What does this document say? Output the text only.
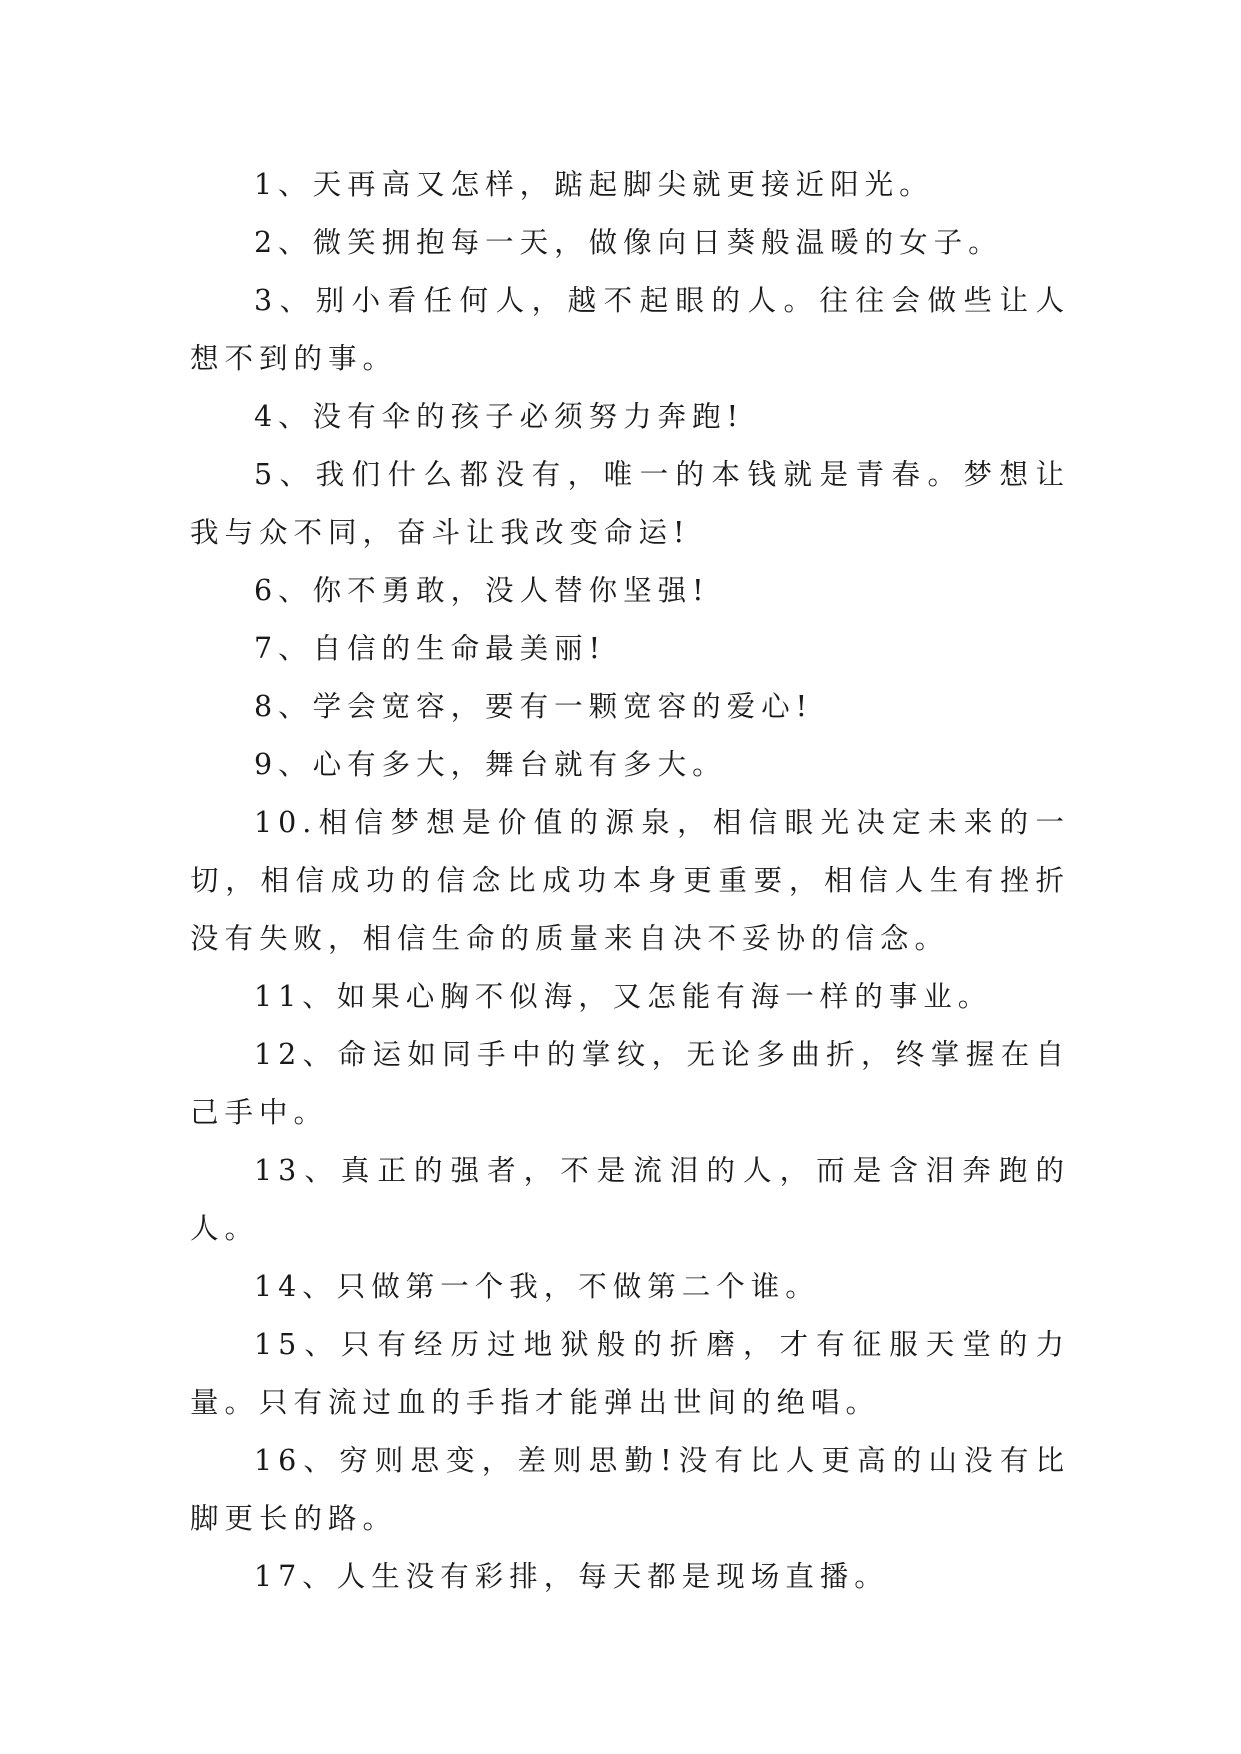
1、天再高又怎样，踮起脚尖就更接近阳光。

2、微笑拥抱每一天，做像向日葵般温暖的女子。

3、别小看任何人，越不起眼的人。往往会做些让人想不到的事。

4、没有伞的孩子必须努力奔跑!

5、我们什么都没有，唯一的本钱就是青春。梦想让我与众不同，奋斗让我改变命运!

6、你不勇敢，没人替你坚强!

7、自信的生命最美丽!

8、学会宽容，要有一颗宽容的爱心!

9、心有多大，舞台就有多大。

10.相信梦想是价值的源泉，相信眼光决定未来的一切，相信成功的信念比成功本身更重要，相信人生有挫折没有失败，相信生命的质量来自决不妥协的信念。

11、如果心胸不似海，又怎能有海一样的事业。

12、命运如同手中的掌纹，无论多曲折，终掌握在自己手中。

13、真正的强者，不是流泪的人，而是含泪奔跑的人。

14、只做第一个我，不做第二个谁。

15、只有经历过地狱般的折磨，才有征服天堂的力量。只有流过血的手指才能弹出世间的绝唱。

16、穷则思变，差则思勤!没有比人更高的山没有比脚更长的路。

17、人生没有彩排，每天都是现场直播。
